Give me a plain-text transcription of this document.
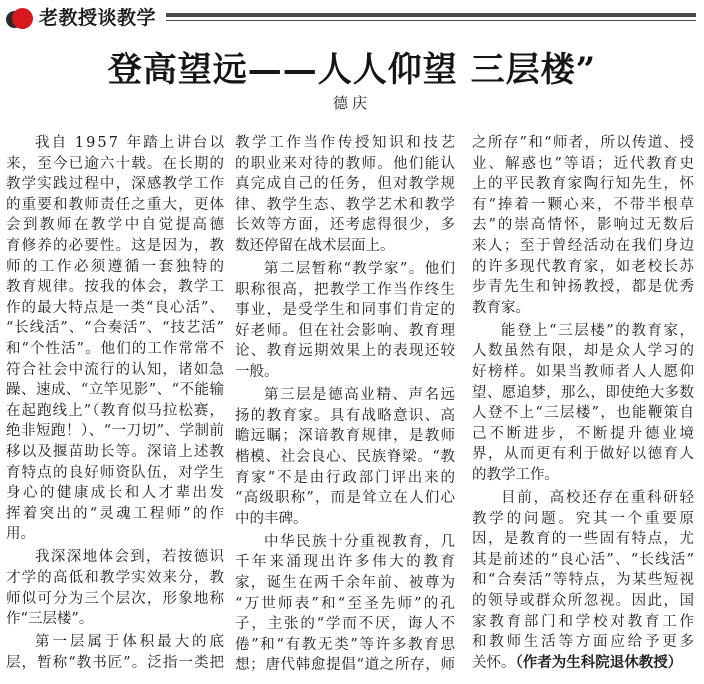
老教授谈教学
登高望远——人人仰望 三层楼”
德庆
我自 1957 年踏上讲台以
来，至今已逾六十载。在长期的
教学实践过程中，深感教学工作
的重要和教师责任之重大，更体
会到教师在教学中自觉提高德
育修养的必要性。这是因为，教
师的工作必须遵循一套独特的
教育规律。按我的体会，教学工
作的最大特点是一类“良心活”、
“长线活”、“合奏活”、“技艺活”
和“个性活”。他们的工作常常不
符合社会中流行的认知，诸如急
躁、速成、“立竿见影”、“不能输
在起跑线上”（教育似马拉松赛，
绝非短跑！）、“一刀切”、学制前
移以及揠苗助长等。深谙上述教
育特点的良好师资队伍，对学生
身心的健康成长和人才辈出发
挥着突出的“灵魂工程师”的作
用。
我深深地体会到，若按德识
才学的高低和教学实效来分，教
师似可分为三个层次，形象地称
作“三层楼”。
第一层属于体积最大的底
层，暂称“教书匠”。泛指一类把
教学工作当作传授知识和技艺
的职业来对待的教师。他们能认
真完成自己的任务，但对教学规
律、教学生态、教学艺术和教学
长效等方面，还考虑得很少，多
数还停留在战术层面上。
第二层暂称“教学家”。他们
职称很高，把教学工作当作终生
事业，是受学生和同事们肯定的
好老师。但在社会影响、教育理
论、教育远期效果上的表现还较
一般。
第三层是德高业精、声名远
扬的教育家。具有战略意识、高
瞻远瞩；深谙教育规律，是教师
楷模、社会良心、民族脊梁。“教
育家”不是由行政部门评出来的
“高级职称”，而是耸立在人们心
中的丰碑。
中华民族十分重视教育，几
千年来涌现出许多伟大的教育
家，诞生在两千余年前、被尊为
“万世师表”和“至圣先师”的孔
子，主张的“学而不厌，诲人不
倦”和“有教无类”等许多教育思
想；唐代韩愈提倡“道之所存，师
之所存”和“师者，所以传道、授
业、解惑也”等语；近代教育史
上的平民教育家陶行知先生，怀
有“捧着一颗心来，不带半根草
去”的崇高情怀，影响过无数后
来人；至于曾经活动在我们身边
的许多现代教育家，如老校长苏
步青先生和钟扬教授，都是优秀
教育家。
能登上“三层楼”的教育家，
人数虽然有限，却是众人学习的
好榜样。如果当教师者人人愿仰
望、愿追梦，那么，即使绝大多数
人登不上“三层楼”，也能鞭策自
己不断进步，不断提升德业境
界，从而更有利于做好以德育人
的教学工作。
目前，高校还存在重科研轻
教学的问题。究其一个重要原
因，是教育的一些固有特点，尤
其是前述的“良心活”、“长线活”
和“合奏活”等特点，为某些短视
的领导或群众所忽视。因此，国
家教育部门和学校对教育工作
和教师生活等方面应给予更多
关怀。（作者为生科院退休教授）
